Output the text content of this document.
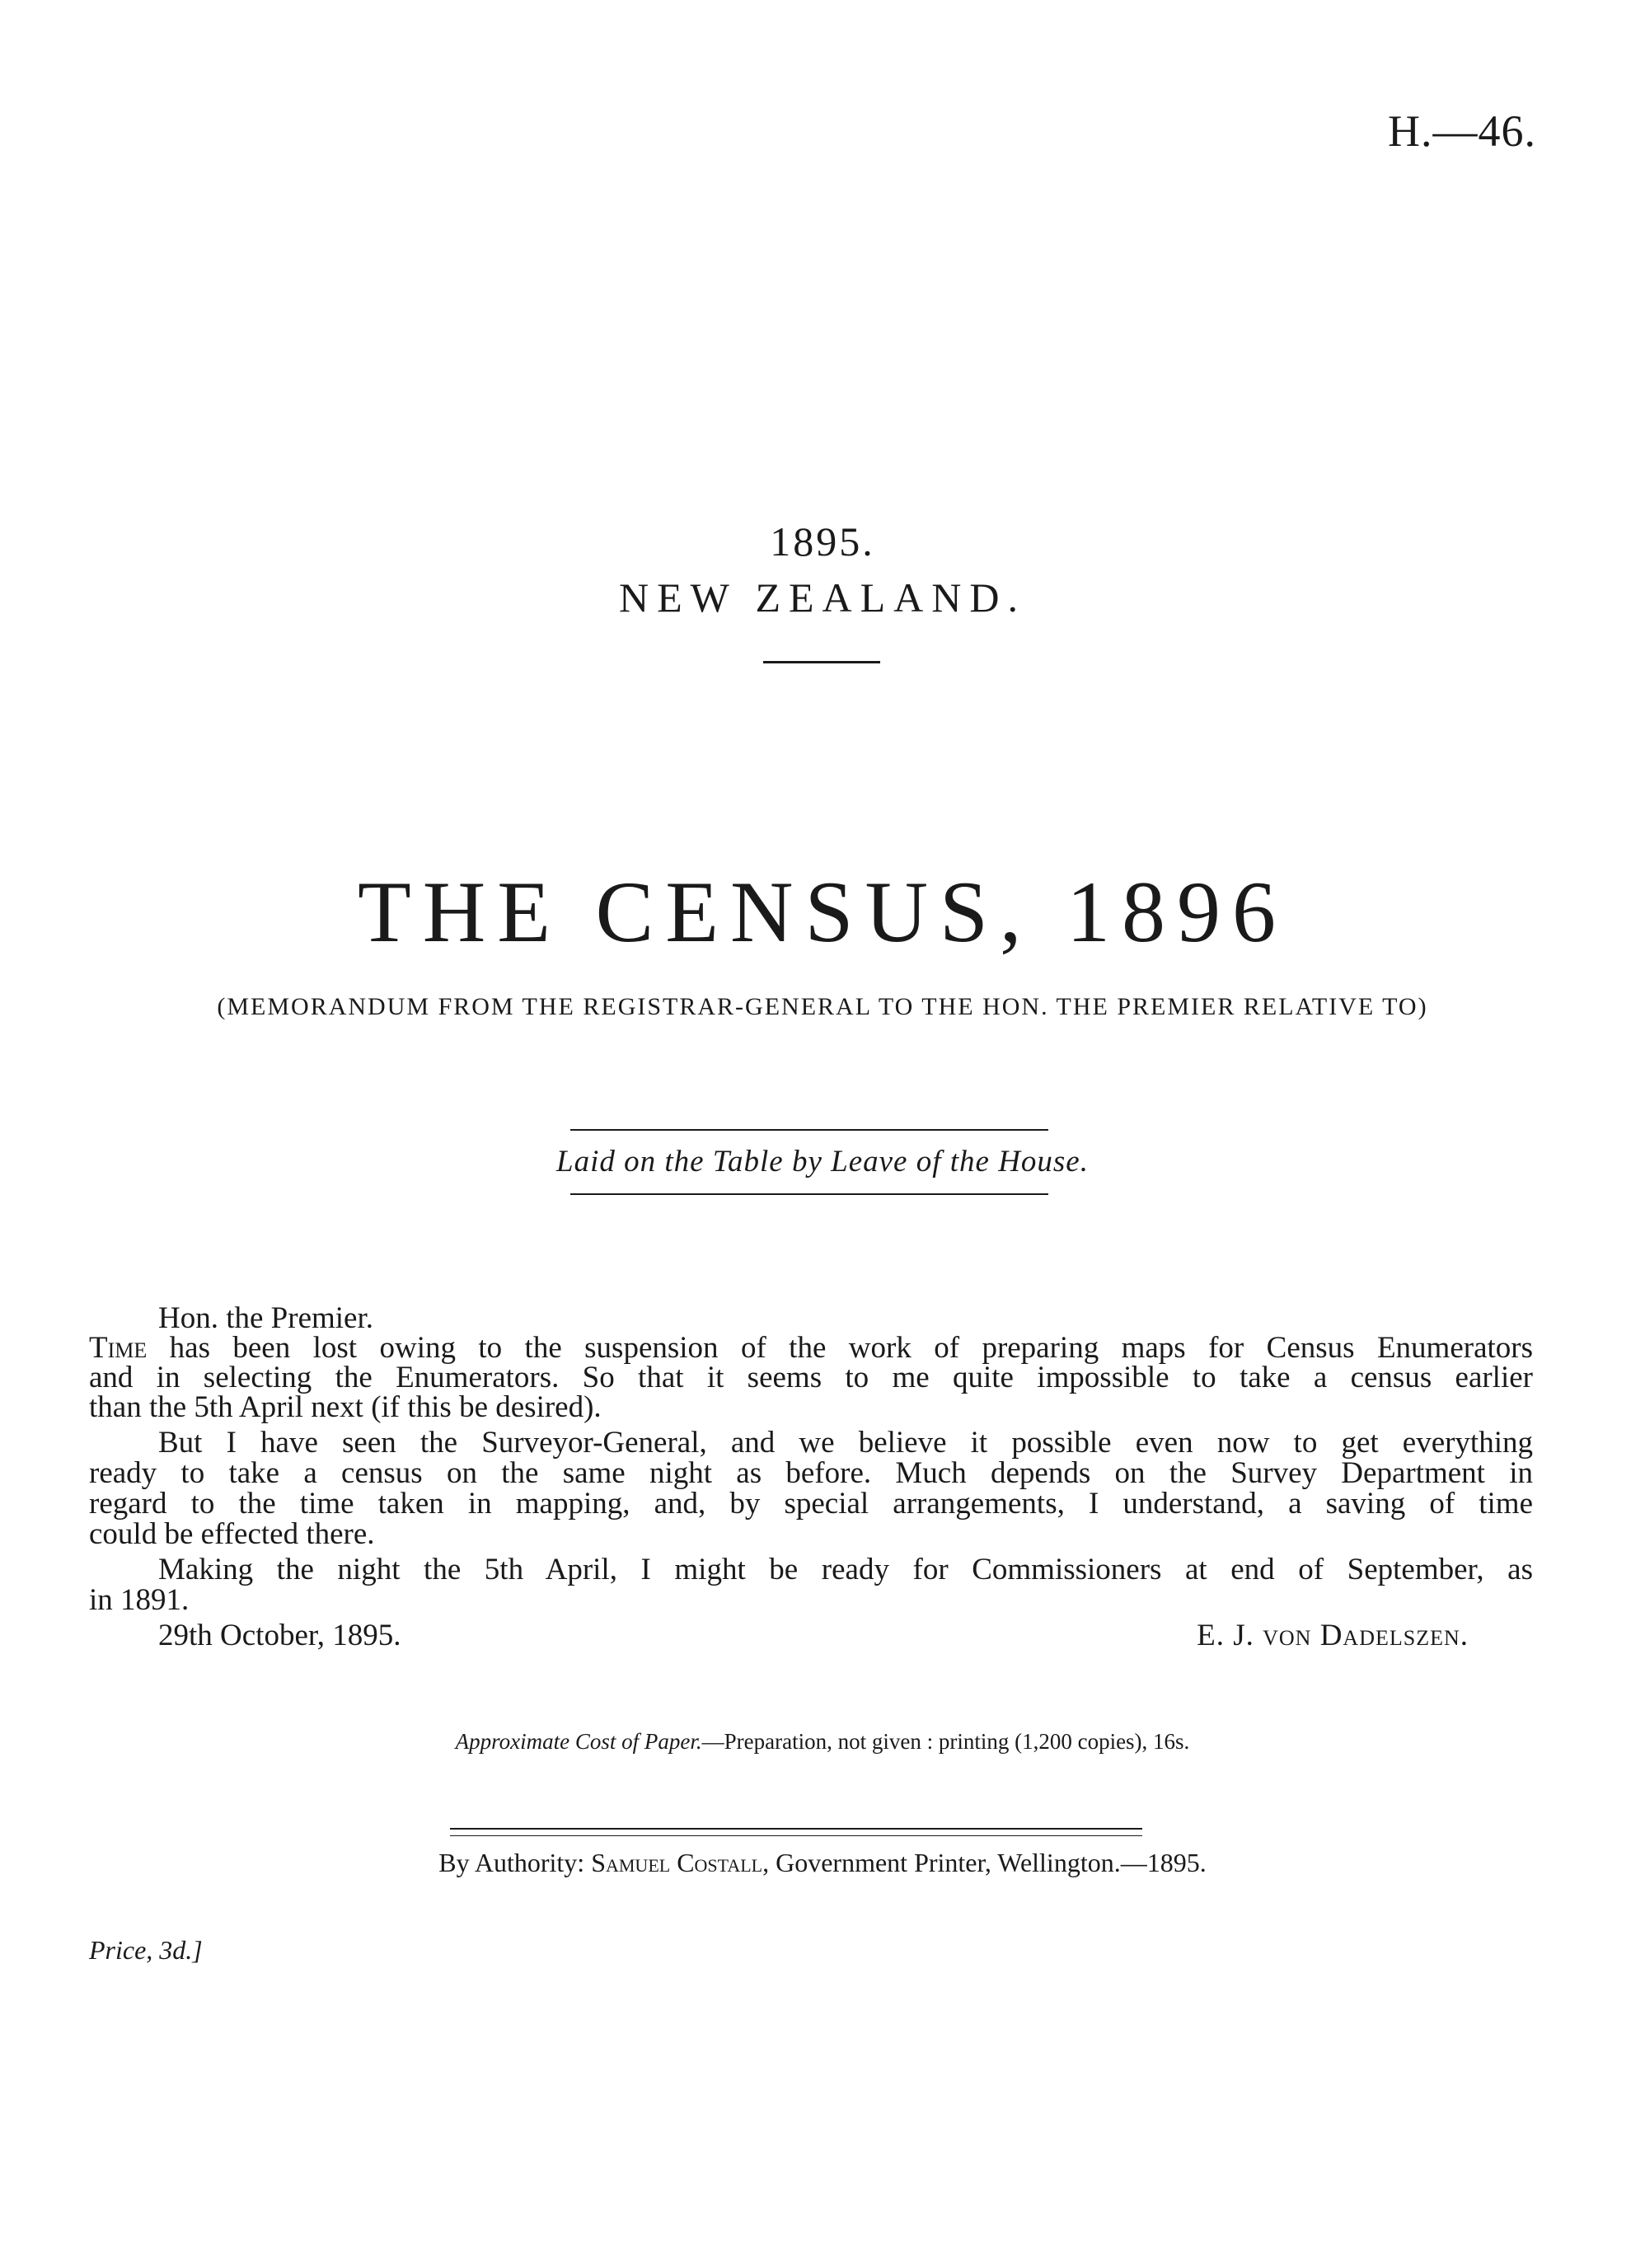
H.—46.
1895.
NEW ZEALAND.
THE CENSUS, 1896
(MEMORANDUM FROM THE REGISTRAR-GENERAL TO THE HON. THE PREMIER RELATIVE TO)
Laid on the Table by Leave of the House.
Hon. the Premier.
Time has been lost owing to the suspension of the work of preparing maps for Census Enumerators
and in selecting the Enumerators. So that it seems to me quite impossible to take a census earlier
than the 5th April next (if this be desired).
But I have seen the Surveyor-General, and we believe it possible even now to get everything
ready to take a census on the same night as before. Much depends on the Survey Department in
regard to the time taken in mapping, and, by special arrangements, I understand, a saving of time
could be effected there.
Making the night the 5th April, I might be ready for Commissioners at end of September, as
in 1891.
29th October, 1895.	E. J. von Dadelszen.
Approximate Cost of Paper.—Preparation, not given : printing (1,200 copies), 16s.
By Authority: Samuel Costall, Government Printer, Wellington.—1895.
Price, 3d.]
